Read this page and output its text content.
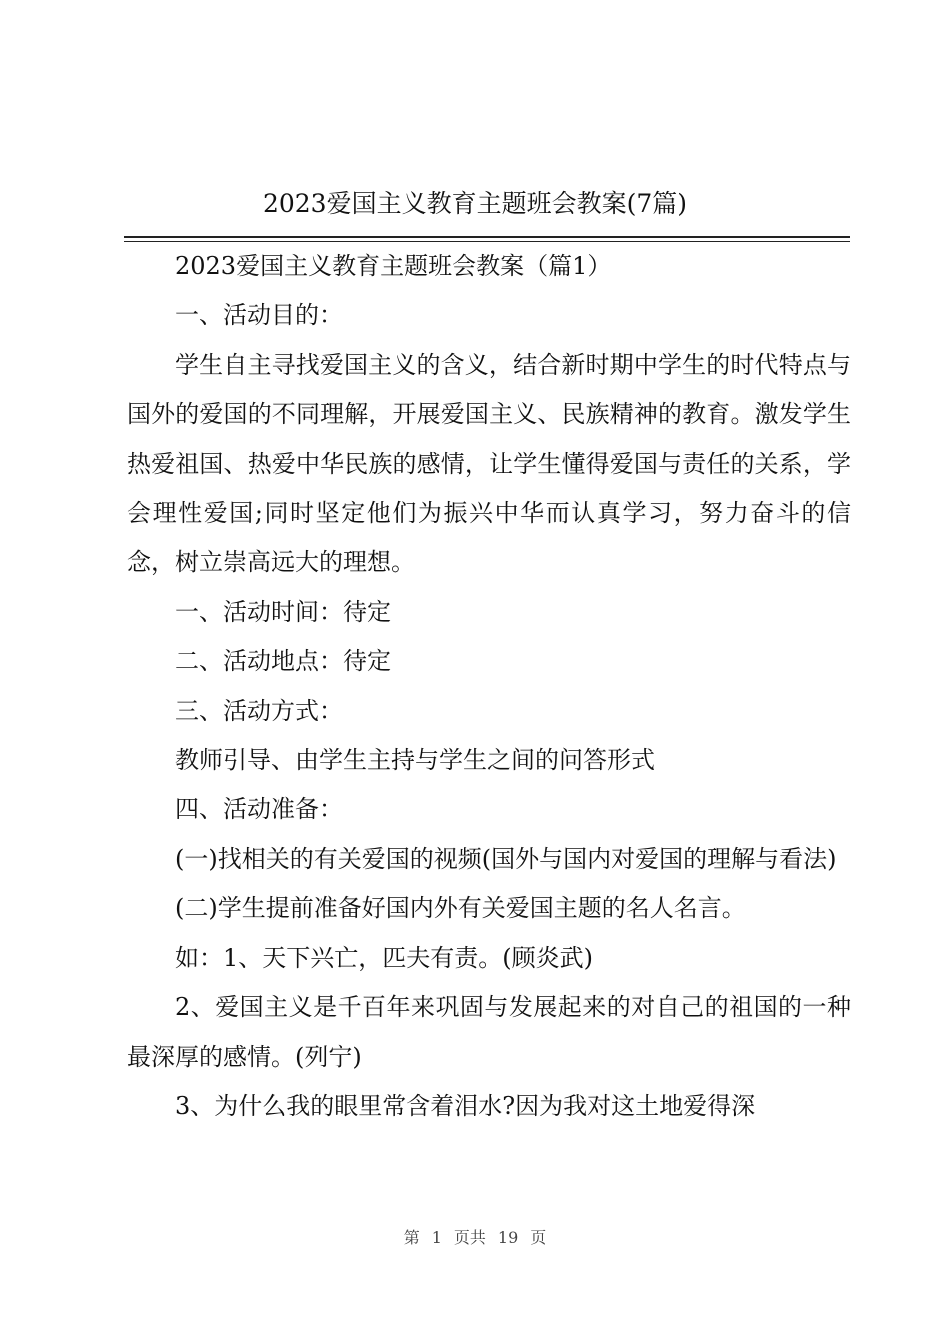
2023爱国主义教育主题班会教案(7篇)

2023爱国主义教育主题班会教案（篇1）

一、活动目的：

学生自主寻找爱国主义的含义，结合新时期中学生的时代特点与国外的爱国的不同理解，开展爱国主义、民族精神的教育。激发学生热爱祖国、热爱中华民族的感情，让学生懂得爱国与责任的关系，学会理性爱国;同时坚定他们为振兴中华而认真学习，努力奋斗的信念，树立崇高远大的理想。

一、活动时间：待定

二、活动地点：待定

三、活动方式：

教师引导、由学生主持与学生之间的问答形式

四、活动准备：

(一)找相关的有关爱国的视频(国外与国内对爱国的理解与看法)

(二)学生提前准备好国内外有关爱国主题的名人名言。

如：1、天下兴亡，匹夫有责。(顾炎武)

2、爱国主义是千百年来巩固与发展起来的对自己的祖国的一种最深厚的感情。(列宁)

3、为什么我的眼里常含着泪水?因为我对这土地爱得深

第 1 页共 19 页
